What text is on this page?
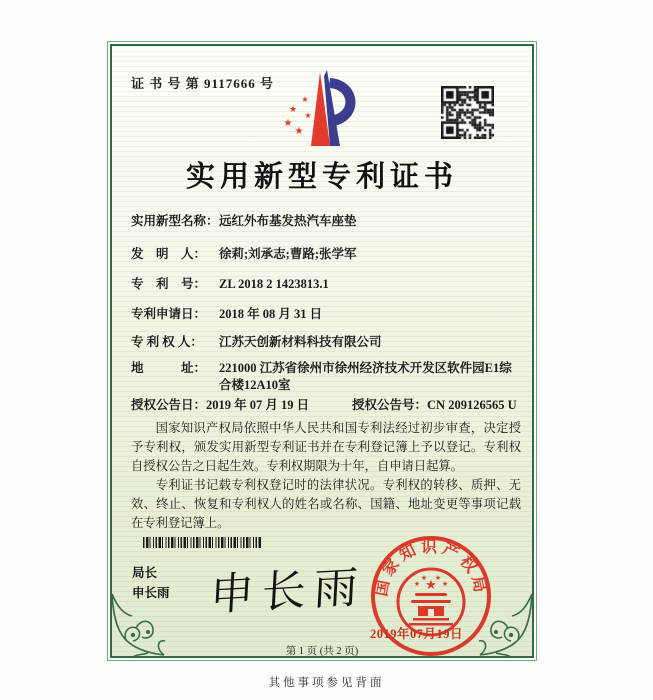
证 书 号 第 9117666 号
★
★
★
★
★
实用新型专利证书
实用新型名称： 远红外布基发热汽车座垫
发　明　人：	徐莉;刘承志;曹路;张学军
专　利　号：	ZL 2018 2 1423813.1
专利申请日：	2018 年 08 月 31 日
专 利 权 人：	江苏天创新材料科技有限公司
地　　　址：	221000 江苏省徐州市徐州经济技术开发区软件园E1综合楼12A10室
授权公告日：2019 年 07 月 19 日	授权公告号：CN 209126565 U

国家知识产权局依照中华人民共和国专利法经过初步审查，决定授予专利权，颁发实用新型专利证书并在专利登记簿上予以登记。专利权自授权公告之日起生效。专利权期限为十年，自申请日起算。

专利证书记载专利权登记时的法律状况。专利权的转移、质押、无效、终止、恢复和专利权人的姓名或名称、国籍、地址变更等事项记载在专利登记簿上。

局长
申长雨 申长雨 国家知识产权局
★
★
★ ★
★
2019年07月19日
第 1 页 (共 2 页)
其他事项参见背面
